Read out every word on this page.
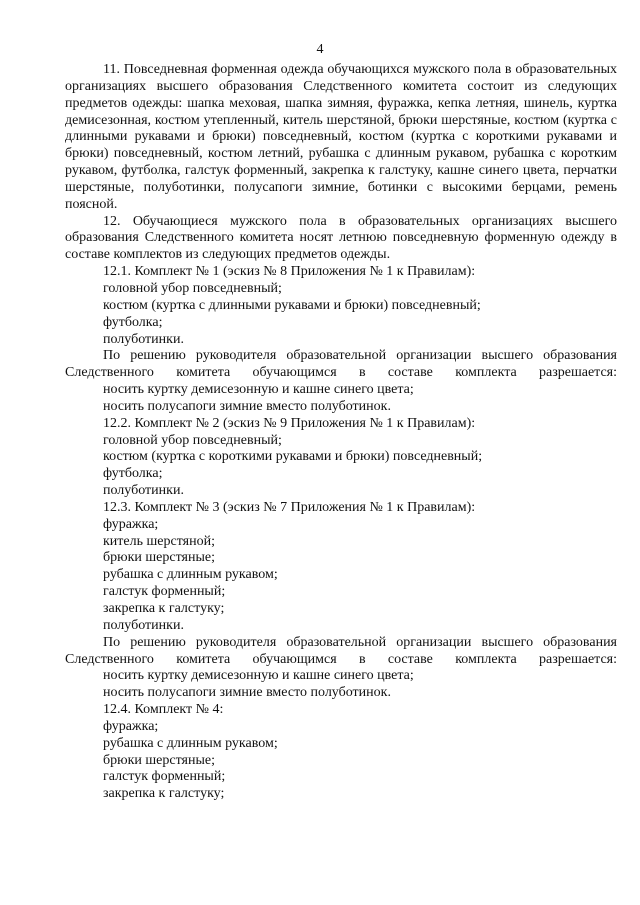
4
11. Повседневная форменная одежда обучающихся мужского пола в образовательных организациях высшего образования Следственного комитета состоит из следующих предметов одежды: шапка меховая, шапка зимняя, фуражка, кепка летняя, шинель, куртка демисезонная, костюм утепленный, китель шерстяной, брюки шерстяные, костюм (куртка с длинными рукавами и брюки) повседневный, костюм (куртка с короткими рукавами и брюки) повседневный, костюм летний, рубашка с длинным рукавом, рубашка с коротким рукавом, футболка, галстук форменный, закрепка к галстуку, кашне синего цвета, перчатки шерстяные, полуботинки, полусапоги зимние, ботинки с высокими берцами, ремень поясной.
12. Обучающиеся мужского пола в образовательных организациях высшего образования Следственного комитета носят летнюю повседневную форменную одежду в составе комплектов из следующих предметов одежды.
12.1. Комплект № 1 (эскиз № 8 Приложения № 1 к Правилам):
головной убор повседневный;
костюм (куртка с длинными рукавами и брюки) повседневный;
футболка;
полуботинки.
По решению руководителя образовательной организации высшего образования Следственного комитета обучающимся в составе комплекта разрешается:
носить куртку демисезонную и кашне синего цвета;
носить полусапоги зимние вместо полуботинок.
12.2. Комплект № 2 (эскиз № 9 Приложения № 1 к Правилам):
головной убор повседневный;
костюм (куртка с короткими рукавами и брюки) повседневный;
футболка;
полуботинки.
12.3. Комплект № 3 (эскиз № 7 Приложения № 1 к Правилам):
фуражка;
китель шерстяной;
брюки шерстяные;
рубашка с длинным рукавом;
галстук форменный;
закрепка к галстуку;
полуботинки.
По решению руководителя образовательной организации высшего образования Следственного комитета обучающимся в составе комплекта разрешается:
носить куртку демисезонную и кашне синего цвета;
носить полусапоги зимние вместо полуботинок.
12.4. Комплект № 4:
фуражка;
рубашка с длинным рукавом;
брюки шерстяные;
галстук форменный;
закрепка к галстуку;
